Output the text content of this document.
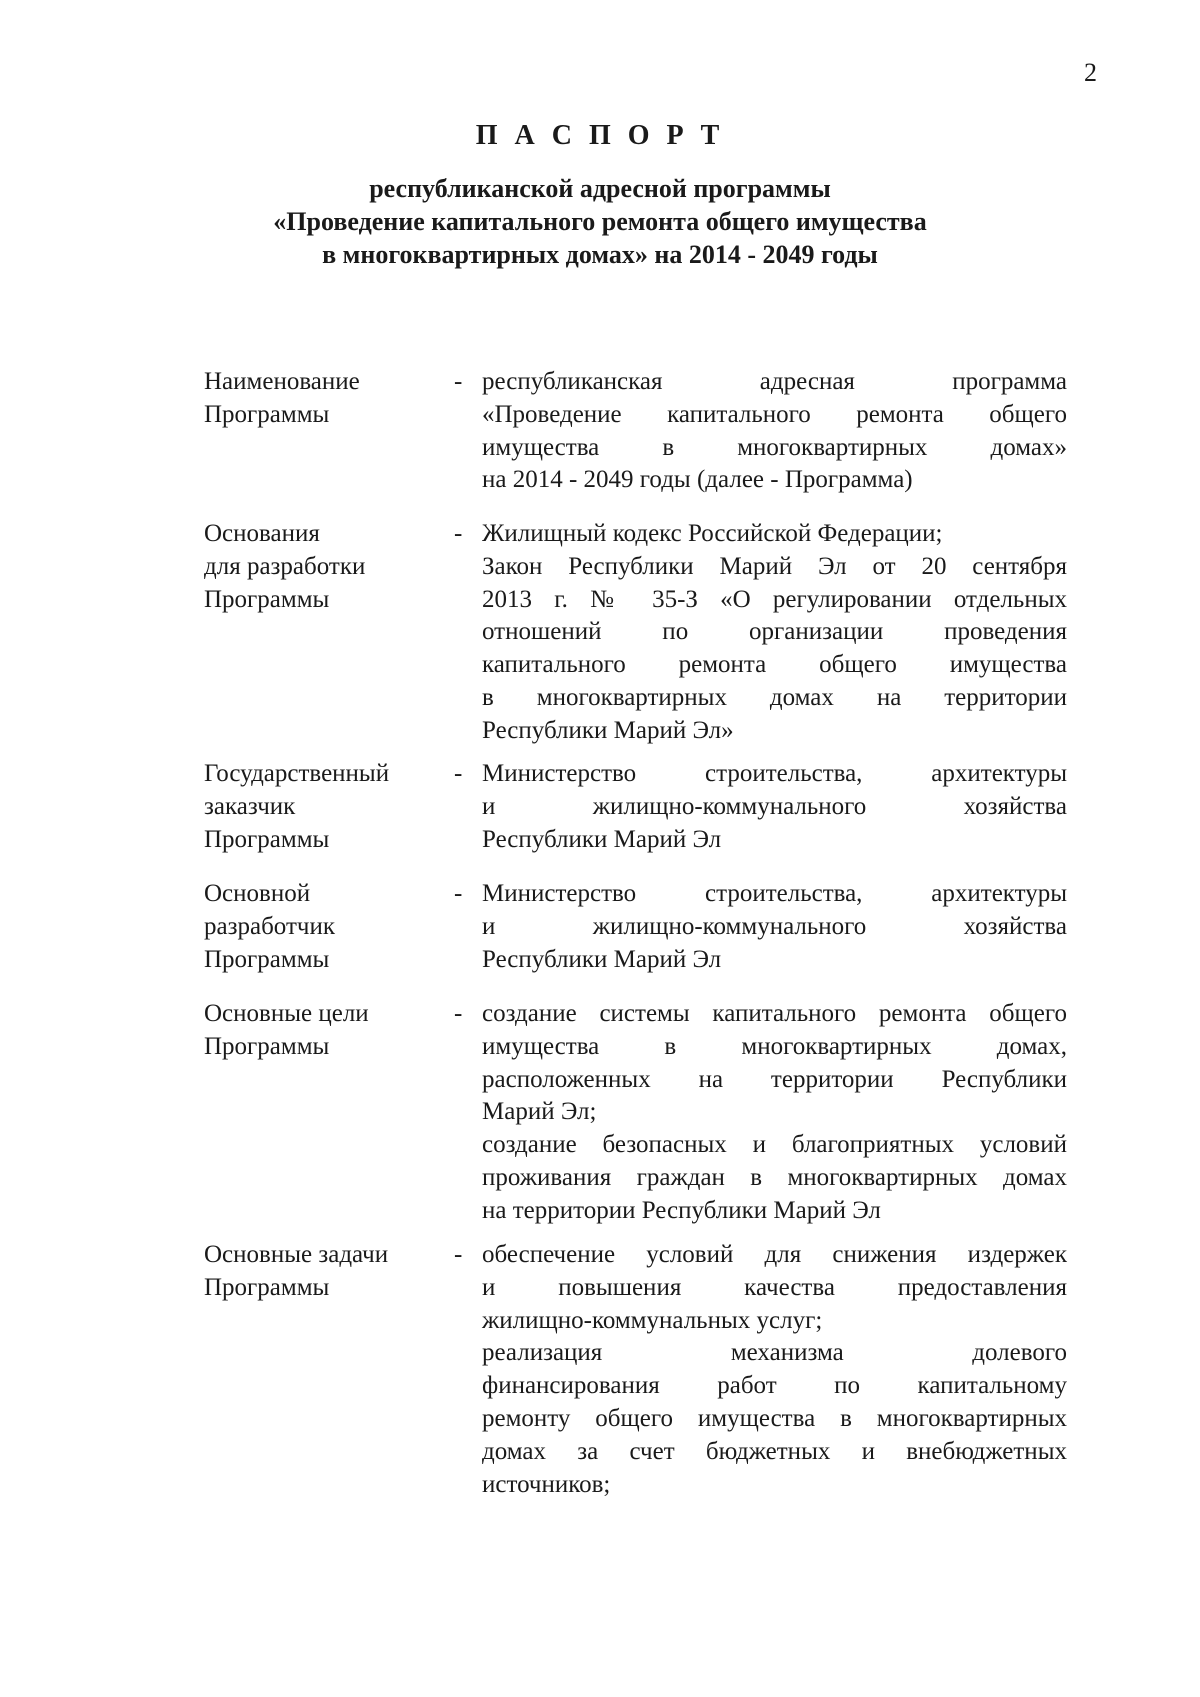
2
П А С П О Р Т
республиканской адресной программы
«Проведение капитального ремонта общего имущества
в многоквартирных домах» на 2014 - 2049 годы
Наименование
Программы
- республиканская адресная программа
«Проведение капитального ремонта общего
имущества в многоквартирных домах»
на 2014 - 2049 годы (далее - Программа)
Основания
для разработки
Программы
- Жилищный кодекс Российской Федерации;
Закон Республики Марий Эл от 20 сентября
2013 г. № 35-З «О регулировании отдельных
отношений по организации проведения
капитального ремонта общего имущества
в многоквартирных домах на территории
Республики Марий Эл»
Государственный
заказчик
Программы
- Министерство строительства, архитектуры
и жилищно-коммунального хозяйства
Республики Марий Эл
Основной
разработчик
Программы
- Министерство строительства, архитектуры
и жилищно-коммунального хозяйства
Республики Марий Эл
Основные цели
Программы
- создание системы капитального ремонта общего
имущества в многоквартирных домах,
расположенных на территории Республики
Марий Эл;
создание безопасных и благоприятных условий
проживания граждан в многоквартирных домах
на территории Республики Марий Эл
Основные задачи
Программы
- обеспечение условий для снижения издержек
и повышения качества предоставления
жилищно-коммунальных услуг;
реализация механизма долевого
финансирования работ по капитальному
ремонту общего имущества в многоквартирных
домах за счет бюджетных и внебюджетных
источников;
